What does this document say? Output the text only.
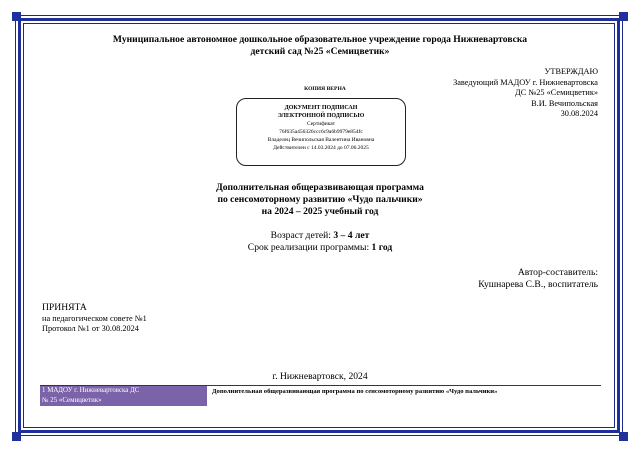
Муниципальное автономное дошкольное образовательное учреждение города Нижневартовска
детский сад №25 «Семицветик»
УТВЕРЖДАЮ
Заведующий МАДОУ г. Нижневартовска
ДС №25 «Семицветик»
В.И. Вечипольская
30.08.2024
КОПИЯ ВЕРНА
ДОКУМЕНТ ПОДПИСАН
ЭЛЕКТРОННОЙ ПОДПИСЬЮ
Сертификат
76f635a456326ccc6c9a6b9979e854fc
Владелец Вечипольская Валентина Ивановна
Действителен с 14.03.2024 до 07.06.2025
Дополнительная общеразвивающая программа
по сенсомоторному развитию «Чудо пальчики»
на 2024 – 2025 учебный год
Возраст детей: 3 – 4 лет
Срок реализации программы: 1 год
Автор-составитель:
Кушнарева С.В., воспитатель
ПРИНЯТА
на педагогическом совете №1
Протокол №1 от 30.08.2024
г. Нижневартовск, 2024
1 МАДОУ г. Нижневартовска ДС
№ 25 «Семицветик»
Дополнительная общеразвивающая программа по сенсомоторному развитию «Чудо пальчики»
